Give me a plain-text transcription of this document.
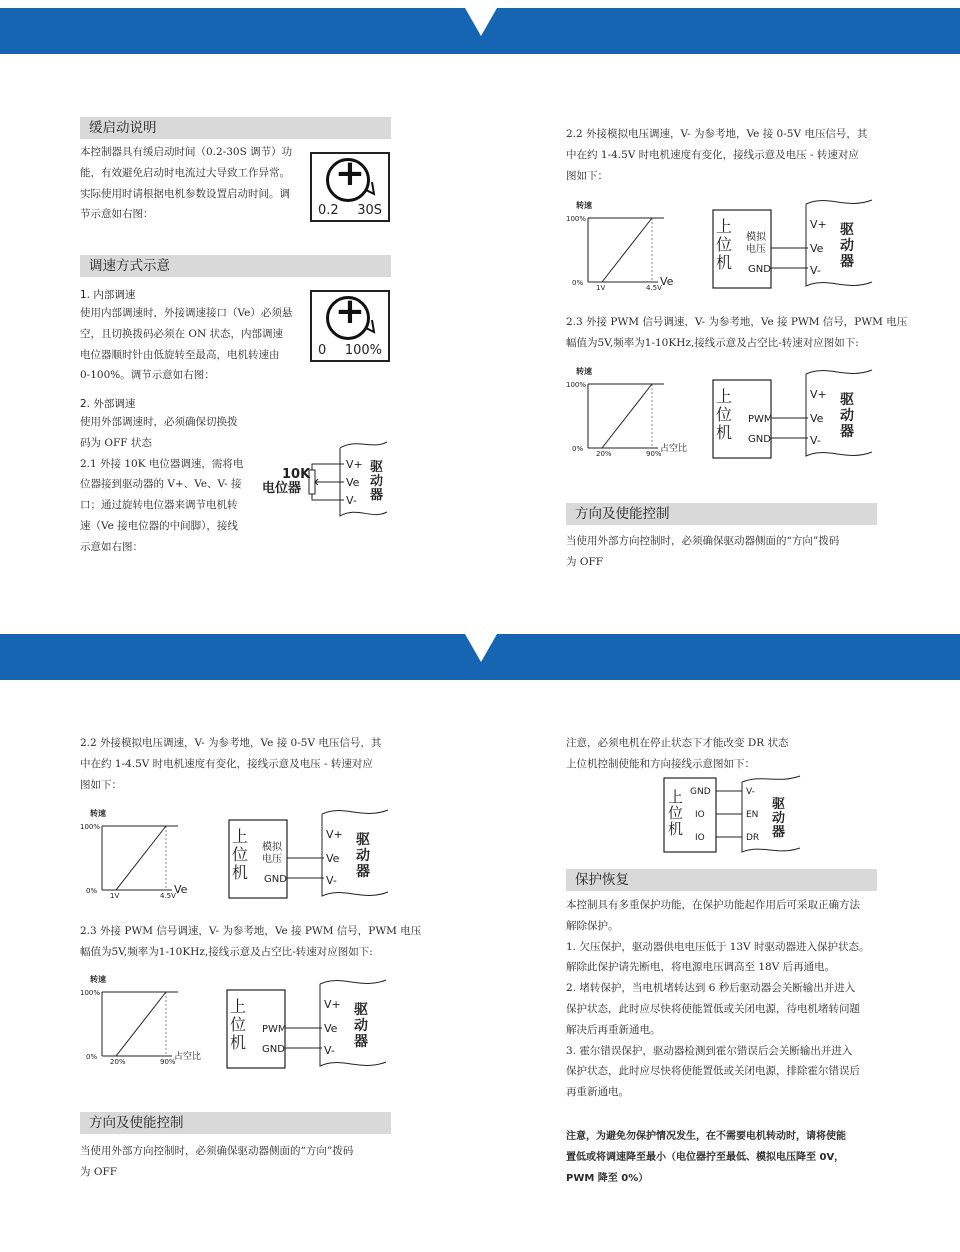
缓启动说明
本控制器具有缓启动时间（0.2-30S 调节）功
能，有效避免启动时电流过大导致工作异常。
实际使用时请根据电机参数设置启动时间。调
节示意如右图：
+
0.2 30S
调速方式示意
1. 内部调速
使用内部调速时，外接调速接口（Ve）必须悬
空，且切换拨码必须在 ON 状态，内部调速
电位器顺时针由低旋转至最高，电机转速由
0-100%。调节示意如右图：
+
0 100%
2. 外部调速
使用外部调速时，必须确保切换拨
码为 OFF 状态
2.1 外接 10K 电位器调速，需将电
位器接到驱动器的 V+、Ve、V- 接
口；通过旋转电位器来调节电机转
速（Ve 接电位器的中间脚），接线
示意如右图：
10K
电位器
V+
Ve
V-
驱
动
器
2.2 外接模拟电压调速，V- 为参考地，Ve 接 0-5V 电压信号，其
中在约 1-4.5V 时电机速度有变化，接线示意及电压 - 转速对应
图如下：
转速
100%
0%
1V	4.5V
Ve
上
位
机
模拟
电压
GND
V+
Ve
V-
驱
动
器
2.3 外接 PWM 信号调速，V- 为参考地，Ve 接 PWM 信号，PWM 电压
幅值为5V,频率为1-10KHz,接线示意及占空比-转速对应图如下:
转速
100%
0%
20%	90%
占空比
上
位
机
PWM
GND
V+
Ve
V-
驱
动
器
方向及使能控制
当使用外部方向控制时，必须确保驱动器侧面的“方向”拨码
为 OFF
2.2 外接模拟电压调速，V- 为参考地，Ve 接 0-5V 电压信号，其
中在约 1-4.5V 时电机速度有变化，接线示意及电压 - 转速对应
图如下：
转速
100%
0%
1V	4.5V
Ve
上
位
机
模拟
电压
GND
V+
Ve
V-
驱
动
器
2.3 外接 PWM 信号调速，V- 为参考地，Ve 接 PWM 信号，PWM 电压
幅值为5V,频率为1-10KHz,接线示意及占空比-转速对应图如下:
转速
100%
0%
20%	90%
占空比
上
位
机
PWM
GND
V+
Ve
V-
驱
动
器
方向及使能控制
当使用外部方向控制时，必须确保驱动器侧面的“方向”拨码
为 OFF
注意，必须电机在停止状态下才能改变 DR 状态
上位机控制使能和方向接线示意图如下：
上
位
机
GND
IO
IO
V-
EN
DR
驱
动
器
保护恢复
本控制具有多重保护功能，在保护功能起作用后可采取正确方法
解除保护。
1. 欠压保护，驱动器供电电压低于 13V 时驱动器进入保护状态。
解除此保护请先断电，将电源电压调高至 18V 后再通电。
2. 堵转保护，当电机堵转达到 6 秒后驱动器会关断输出并进入
保护状态，此时应尽快将使能置低或关闭电源，待电机堵转问题
解决后再重新通电。
3. 霍尔错误保护，驱动器检测到霍尔错误后会关断输出并进入
保护状态，此时应尽快将使能置低或关闭电源，排除霍尔错误后
再重新通电。
注意，为避免勿保护情况发生，在不需要电机转动时，请将使能
置低或将调速降至最小（电位器拧至最低、模拟电压降至 0V，
PWM 降至 0%）
